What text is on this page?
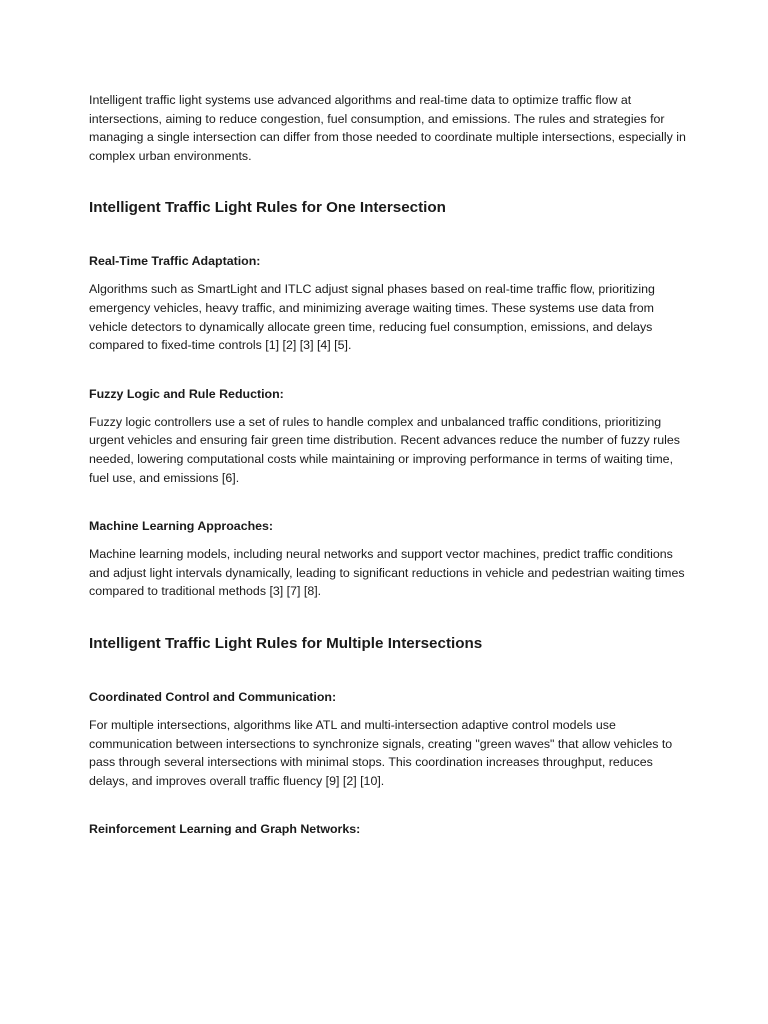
Intelligent traffic light systems use advanced algorithms and real-time data to optimize traffic flow at intersections, aiming to reduce congestion, fuel consumption, and emissions. The rules and strategies for managing a single intersection can differ from those needed to coordinate multiple intersections, especially in complex urban environments.

Intelligent Traffic Light Rules for One Intersection
Real-Time Traffic Adaptation:

Algorithms such as SmartLight and ITLC adjust signal phases based on real-time traffic flow, prioritizing emergency vehicles, heavy traffic, and minimizing average waiting times. These systems use data from vehicle detectors to dynamically allocate green time, reducing fuel consumption, emissions, and delays compared to fixed-time controls [1] [2] [3] [4] [5].

Fuzzy Logic and Rule Reduction:

Fuzzy logic controllers use a set of rules to handle complex and unbalanced traffic conditions, prioritizing urgent vehicles and ensuring fair green time distribution. Recent advances reduce the number of fuzzy rules needed, lowering computational costs while maintaining or improving performance in terms of waiting time, fuel use, and emissions [6].

Machine Learning Approaches:

Machine learning models, including neural networks and support vector machines, predict traffic conditions and adjust light intervals dynamically, leading to significant reductions in vehicle and pedestrian waiting times compared to traditional methods [3] [7] [8].

Intelligent Traffic Light Rules for Multiple Intersections
Coordinated Control and Communication:

For multiple intersections, algorithms like ATL and multi-intersection adaptive control models use communication between intersections to synchronize signals, creating "green waves" that allow vehicles to pass through several intersections with minimal stops. This coordination increases throughput, reduces delays, and improves overall traffic fluency [9] [2] [10].

Reinforcement Learning and Graph Networks:
